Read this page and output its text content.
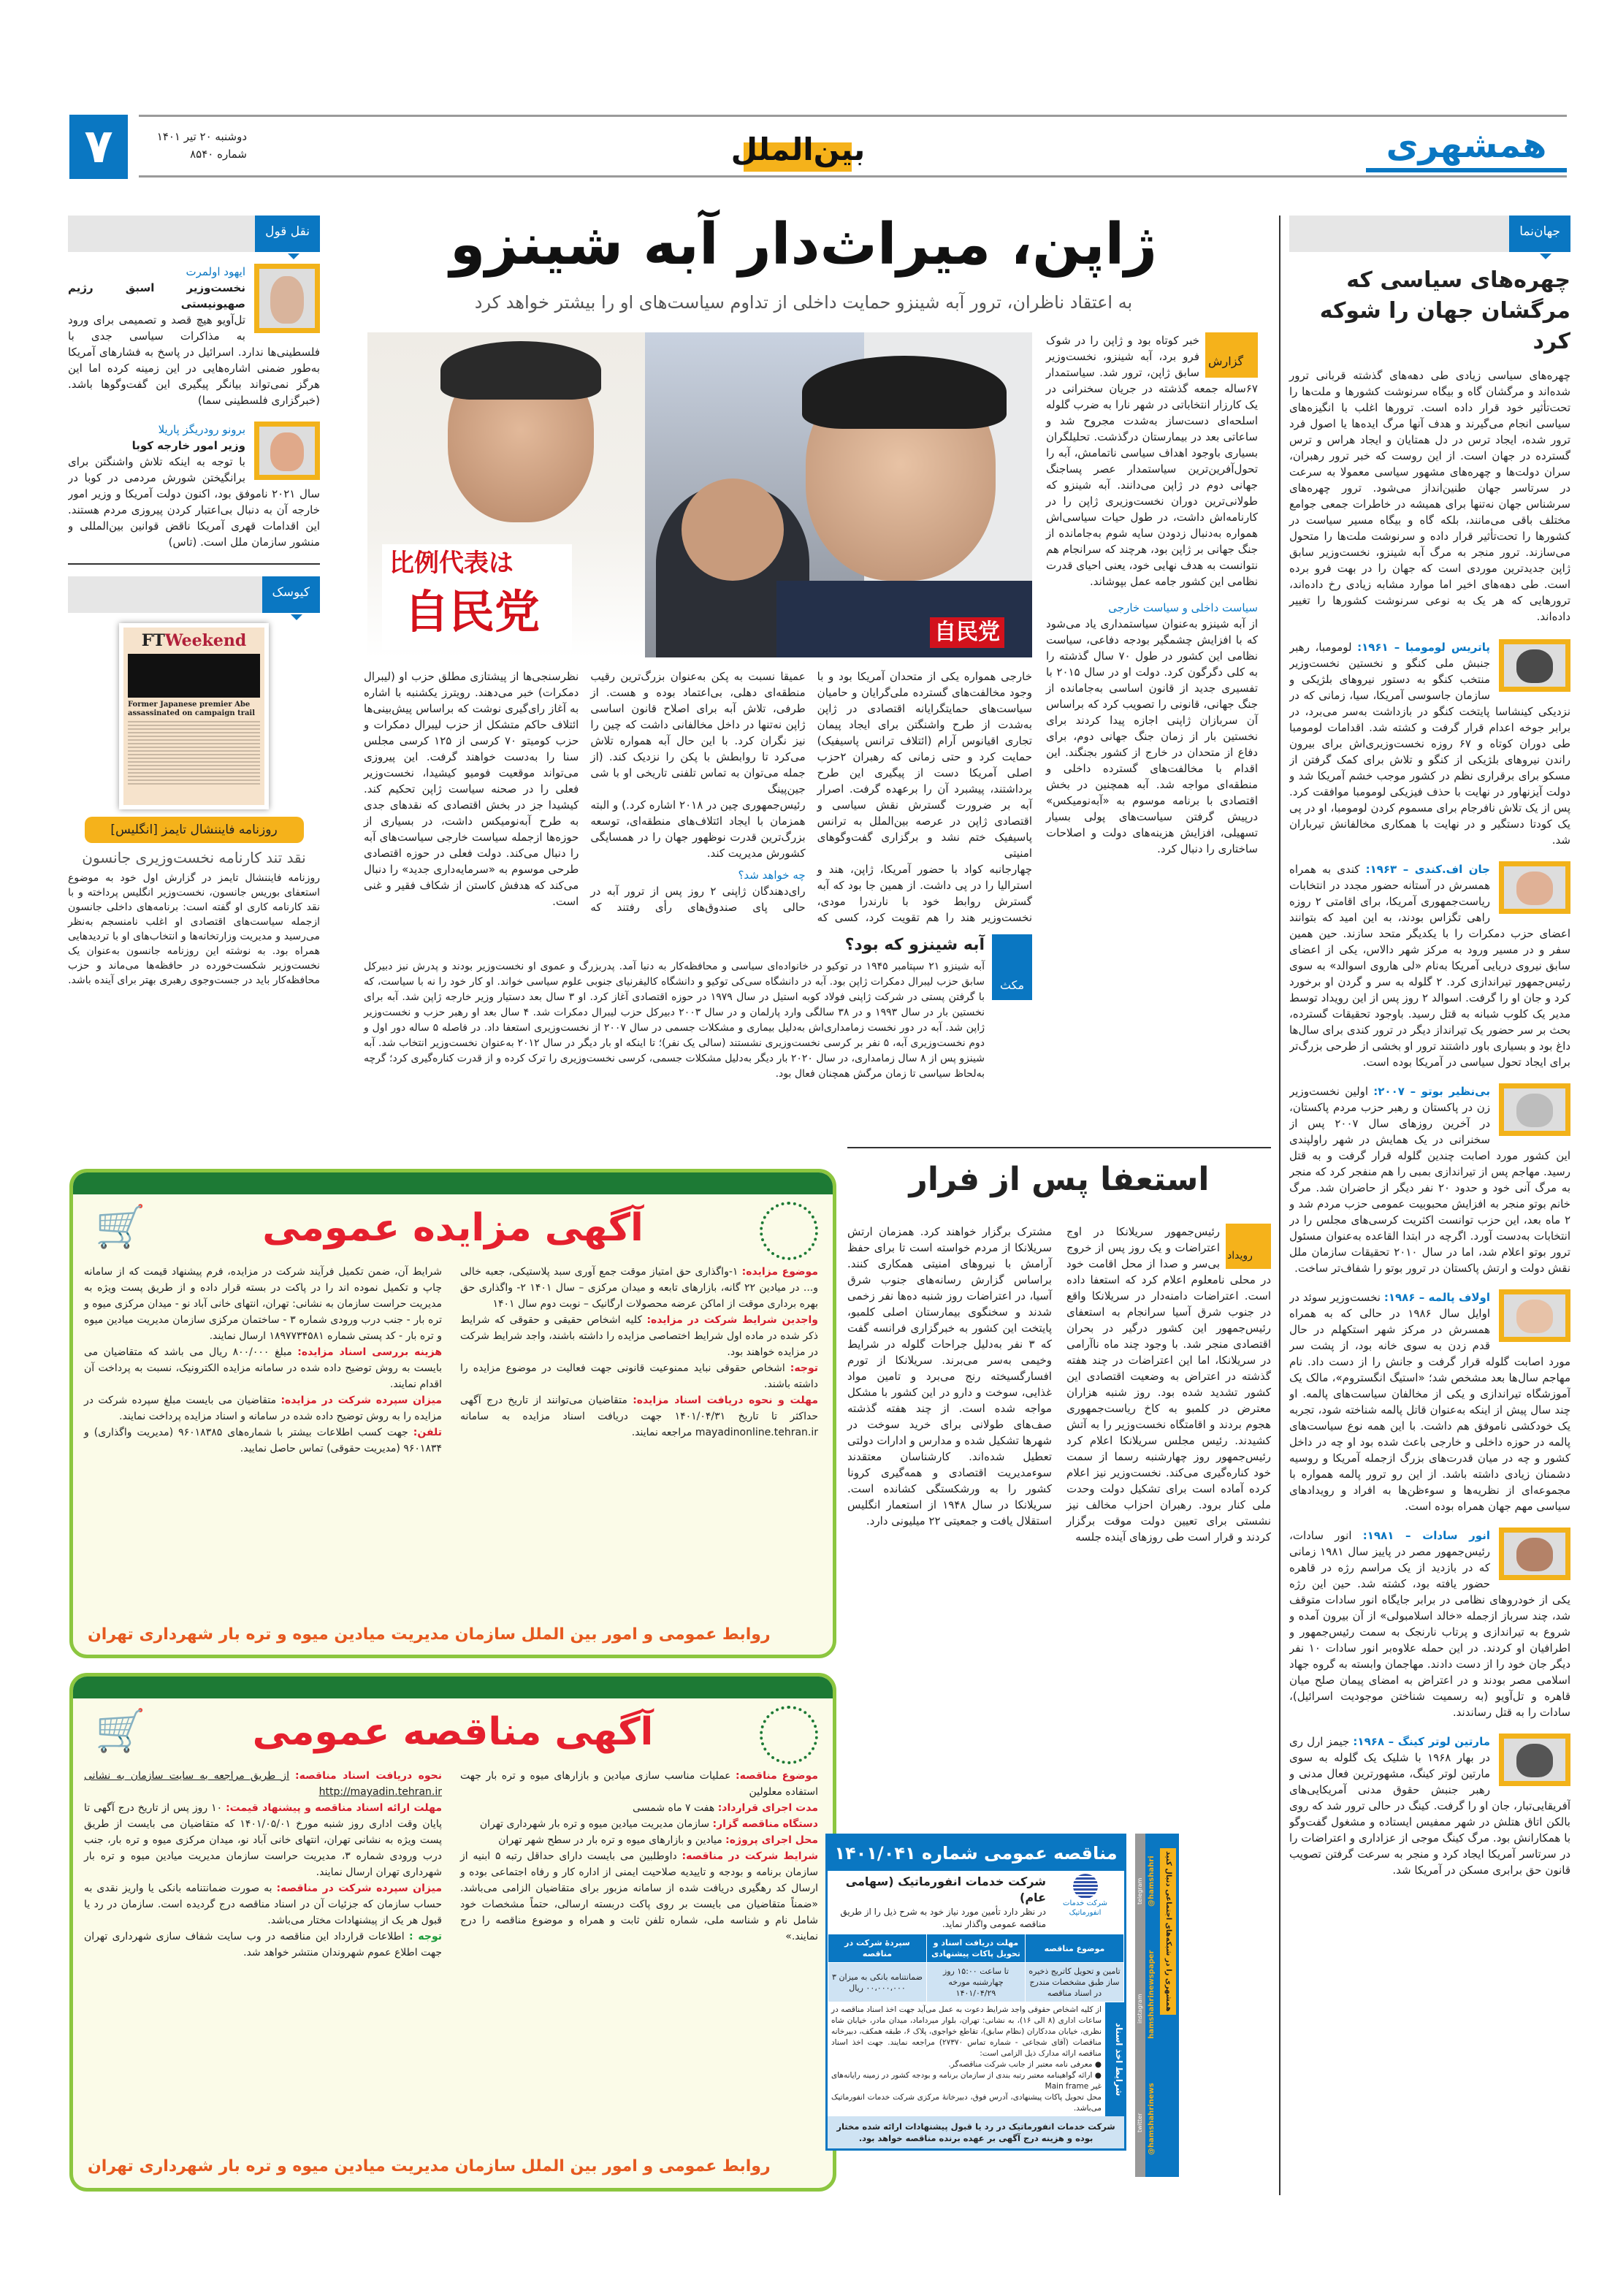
۷	دوشنبه ۲۰ تیر ۱۴۰۱
شماره ۸۵۴۰	بین‌الملل	همشهری
ژاپن، میراث‌دار آبه شینزو
به اعتقاد ناظران، ترور آبه شینزو حمایت داخلی از تداوم سیاست‌های او را بیشتر خواهد کرد
比例代表は
自民党	自民党
گزارش
خبر کوتاه بود و ژاپن را در شوک فرو برد، آبه شینزو، نخست‌وزیر سابق ژاپن، ترور شد. سیاستمدار ۶۷ساله جمعه گذشته در جریان سخنرانی در یک کارزار انتخاباتی در شهر نارا به ضرب گلوله اسلحه‌ای دست‌ساز به‌شدت مجروح شد و ساعاتی بعد در بیمارستان درگذشت. تحلیلگران بسیاری باوجود اهداف سیاسی ناتمامش، آبه را تحول‌آفرین‌ترین سیاستمدار عصر پساجنگ جهانی دوم در ژاپن می‌دانند. آبه شینزو که طولانی‌ترین دوران نخست‌وزیری ژاپن را در کارنامه‌اش داشت، در طول حیات سیاسی‌اش همواره به‌دنبال زدودن سایه شوم به‌جامانده از جنگ جهانی بر ژاپن بود، هرچند که سرانجام هم نتوانست به هدف نهایی خود، یعنی احیای قدرت نظامی این کشور جامه عمل بپوشاند.
سیاست داخلی و سیاست خارجی
از آبه شینزو به‌عنوان سیاستمداری یاد می‌شود که با افزایش چشمگیر بودجه دفاعی، سیاست نظامی این کشور در طول ۷۰ سال گذشته را به کلی دگرگون کرد. دولت او در سال ۲۰۱۵ با تفسیری جدید از قانون اساسی به‌جامانده از جنگ جهانی، قانونی را تصویب کرد که براساس آن سربازان ژاپنی اجازه پیدا کردند برای نخستین بار از زمان جنگ جهانی دوم، برای دفاع از متحدان در خارج از کشور بجنگند. این اقدام با مخالفت‌های گسترده داخلی و منطقه‌ای مواجه شد. آبه همچنین در بخش اقتصادی با برنامه موسوم به «آبه‌نومیکس» درپیش گرفتن سیاست‌های پولی بسیار تسهیلی، افزایش هزینه‌های دولت و اصلاحات ساختاری را دنبال کرد.
خارجی همواره یکی از متحدان آمریکا بود و با وجود مخالفت‌های گسترده ملی‌گرایان و حامیان سیاست‌های حمایتگرایانه اقتصادی در ژاپن به‌شدت از طرح واشنگتن برای ایجاد پیمان تجاری اقیانوس آرام (ائتلاف ترانس پاسیفیک) حمایت کرد و حتی زمانی که رهبران ۲حزب اصلی آمریکا دست از پیگیری این طرح برداشتند، پیشبرد آن را برعهده گرفت. اصرار آبه بر ضرورت گسترش نقش سیاسی و اقتصادی ژاپن در عرصه بین‌الملل به ترانس پاسیفیک ختم نشد و برگزاری گفت‌وگوهای امنیتی
چهارجانبه کواد با حضور آمریکا، ژاپن، هند و استرالیا را در پی داشت. از همین جا بود که آبه گسترش روابط خود با نارندرا مودی، نخست‌وزیر هند را هم تقویت کرد، کسی که عمیقا نسبت به پکن به‌عنوان بزرگ‌ترین رقیب منطقه‌ای دهلی، بی‌اعتماد بوده و هست. از طرفی، تلاش آبه برای اصلاح قانون اساسی ژاپن نه‌تنها در داخل مخالفانی داشت که چین را نیز نگران کرد. با این حال آبه همواره تلاش می‌کرد تا روابطش با پکن را نزدیک کند. (از جمله می‌توان به تماس تلفنی تاریخی او با شی جین‌پینگ
رئیس‌جمهوری چین در ۲۰۱۸ اشاره کرد.) و البته همزمان با ایجاد ائتلاف‌های منطقه‌ای، توسعه بزرگ‌ترین قدرت نوظهور جهان را در همسایگی کشورش مدیریت کند.
چه خواهد شد؟
رای‌دهندگان ژاپنی ۲ روز پس از ترور آبه در حالی پای صندوق‌های رأی رفتند که نظرسنجی‌ها از پیشتازی مطلق حزب او (لیبرال دمکرات) خبر می‌دهند. رویترز یکشنبه با اشاره به آغاز رای‌گیری نوشت که براساس پیش‌بینی‌ها ائتلاف حاکم متشکل از حزب لیبرال دمکرات و حزب کومیتو ۷۰ کرسی از ۱۲۵ کرسی مجلس سنا را به‌دست خواهند گرفت. این پیروزی می‌تواند موقعیت فومیو کیشیدا، نخست‌وزیر فعلی را در صحنه سیاست ژاپن تحکیم کند. کیشیدا جز در بخش اقتصادی که نقدهای جدی به طرح آبه‌نومیکس داشت، در بسیاری از حوزه‌ها ازجمله سیاست خارجی سیاست‌های آبه را دنبال می‌کند. دولت فعلی در حوزه اقتصادی طرحی موسوم به «سرمایه‌داری جدید» را دنبال می‌کند که هدفش کاستن از شکاف فقیر و غنی است.
مکث
آبه شینزو که بود؟
آبه شینزو ۲۱ سپتامبر ۱۹۴۵ در توکیو در خانواده‌ای سیاسی و محافظه‌کار به دنیا آمد. پدربزرگ و عموی او نخست‌وزیر بودند و پدرش نیز دبیرکل سابق حزب لیبرال دمکرات ژاپن بود. آبه در دانشگاه سی‌کی توکیو و دانشگاه کالیفرنیای جنوبی علوم سیاسی خواند. او کار خود را نه با سیاست، که با گرفتن پستی در شرکت ژاپنی فولاد کوبه استیل در سال ۱۹۷۹ در حوزه اقتصادی آغاز کرد. او ۳ سال بعد دستیار وزیر خارجه ژاپن شد. آبه برای نخستین بار در سال ۱۹۹۳ و در ۳۸ سالگی وارد پارلمان و در سال ۲۰۰۳ دبیرکل حزب لیبرال دمکرات شد. ۴ سال بعد او رهبر حزب و نخست‌وزیر ژاپن شد. آبه در دور نخست زمامداری‌اش به‌دلیل بیماری و مشکلات جسمی در سال ۲۰۰۷ از نخست‌وزیری استعفا داد. در فاصله ۵ ساله دور اول و دوم نخست‌وزیری آبه، ۵ نفر بر کرسی نخست‌وزیری نشستند (سالی یک نفر)؛ تا اینکه او بار دیگر در سال ۲۰۱۲ به‌عنوان نخست‌وزیر انتخاب شد. آبه شینزو پس از ۸ سال زمامداری، در سال ۲۰۲۰ بار دیگر به‌دلیل مشکلات جسمی، کرسی نخست‌وزیری را ترک کرده و از قدرت کناره‌گیری کرد؛ گرچه به‌لحاظ سیاسی تا زمان مرگش همچنان فعال بود.
نقل قول
ایهود اولمرت
نخست‌وزیر اسبق رژیم صهیونیستی
تل‌آویو هیچ قصد و تصمیمی برای ورود به مذاکرات سیاسی جدی با فلسطینی‌ها ندارد. اسرائیل در پاسخ به فشارهای آمریکا به‌طور ضمنی اشاره‌هایی در این زمینه کرده اما این هرگز نمی‌تواند بیانگر پیگیری این گفت‌وگوها باشد. (خبرگزاری فلسطینی سما)
برونو رودریگز پاریلا
وزیر امور خارجه کوبا
با توجه به اینکه تلاش واشنگتن برای برانگیختن شورش مردمی در کوبا در سال ۲۰۲۱ ناموفق بود، اکنون دولت آمریکا و وزیر امور خارجه آن به دنبال بی‌اعتبار کردن پیروزی مردم هستند. این اقدامات قهری آمریکا ناقض قوانین بین‌المللی و منشور سازمان ملل است. (تاس)
کیوسک
FTWeekend
Former Japanese premier Abe assassinated on campaign trail
روزنامه فایننشال تایمز [انگلیس]
نقد تند کارنامه نخست‌وزیری جانسون
روزنامه فایننشال تایمز در گزارش اول خود به موضوع استعفای بوریس جانسون، نخست‌وزیر انگلیس پرداخته و با نقد کارنامه کاری او گفته است: برنامه‌های داخلی جانسون ازجمله سیاست‌های اقتصادی او اغلب نامنسجم به‌نظر می‌رسید و مدیریت وزارتخانه‌ها و انتخاب‌های او با تردیدهایی همراه بود. به نوشته این روزنامه جانسون به‌عنوان یک نخست‌وزیر شکست‌خورده در حافظه‌ها می‌ماند و حزب محافظه‌کار باید در جست‌وجوی رهبری بهتر برای آینده باشد.
جهان‌نما
چهره‌های سیاسی که مرگشان جهان را شوکه کرد
چهره‌های سیاسی زیادی طی دهه‌های گذشته قربانی ترور شده‌اند و مرگشان گاه و بیگاه سرنوشت کشورها و ملت‌ها را تحت‌تأثیر خود قرار داده است. ترورها اغلب با انگیزه‌های سیاسی انجام می‌گیرند و هدف آنها مرگ ایده‌ها یا اصول فرد ترور شده، ایجاد ترس در دل همتایان و ایجاد هراس و ترس گسترده در جهان است. از این روست که خبر ترور رهبران، سران دولت‌ها و چهره‌های مشهور سیاسی معمولا به سرعت در سرتاسر جهان طنین‌انداز می‌شود. ترور چهره‌های سرشناس جهان نه‌تنها برای همیشه در خاطرات جمعی جوامع مختلف باقی می‌مانند، بلکه گاه و بیگاه مسیر سیاست در کشورها را تحت‌تأثیر قرار داده و سرنوشت ملت‌ها را متحول می‌سازند. ترور منجر به مرگ آبه شینزو، نخست‌وزیر سابق ژاپن جدیدترین موردی است که جهان را در بهت فرو برده است. طی دهه‌های اخیر اما موارد مشابه زیادی رخ داده‌اند، ترورهایی که هر یک به نوعی سرنوشت کشورها را تغییر داده‌اند.
پاتریس لومومبا – ۱۹۶۱: لومومبا، رهبر جنبش ملی کنگو و نخستین نخست‌وزیر منتخب کنگو به دستور نیروهای بلژیکی و سازمان جاسوسی آمریکا، سیا، زمانی که در نزدیکی کینشاسا پایتخت کنگو در بازداشت به‌سر می‌برد، در برابر جوخه اعدام قرار گرفت و کشته شد. اقدامات لومومبا طی دوران کوتاه و ۶۷ روزه نخست‌وزیری‌اش برای بیرون راندن نیروهای بلژیکی از کنگو و تلاش برای کمک گرفتن از مسکو برای برقراری نظم در کشور موجب خشم آمریکا شد و دولت آیزنهاور در نهایت با حذف فیزیکی لومومبا موافقت کرد. پس از یک تلاش نافرجام برای مسموم کردن لومومبا، او در پی یک کودتا دستگیر و در نهایت با همکاری مخالفانش تیرباران شد.
جان اف.کندی – ۱۹۶۳: کندی به همراه همسرش در آستانه حضور مجدد در انتخابات ریاست‌جمهوری آمریکا، برای اقامتی ۲ روزه راهی تگزاس بودند، به این امید که بتوانند اعضای حزب دمکرات را با یکدیگر متحد سازند. حین همین سفر و در مسیر ورود به مرکز شهر دالاس، یکی از اعضای سابق نیروی دریایی آمریکا به‌نام «لی هاروی اسوالد» به سوی رئیس‌جمهور تیراندازی کرد. ۲ گلوله به سر و گردن او برخورد کرد و جان او را گرفت. اسوالد ۲ روز پس از این رویداد توسط مدیر یک کلوب شبانه به قتل رسید. باوجود تحقیقات گسترده، بحث بر سر حضور یک تیرانداز دیگر در ترور کندی برای سال‌ها داغ بود و بسیاری باور داشتند ترور او بخشی از طرحی بزرگ‌تر برای ایجاد تحول سیاسی در آمریکا بوده است.
بی‌نظیر بوتو – ۲۰۰۷: اولین نخست‌وزیر زن در پاکستان و رهبر حزب مردم پاکستان، در آخرین روزهای سال ۲۰۰۷ پس از سخنرانی در یک همایش در شهر راولپندی این کشور مورد اصابت چندین گلوله قرار گرفت و به قتل رسید. مهاجم پس از تیراندازی بمبی را هم منفجر کرد که منجر به مرگ آنی خود و حدود ۲۰ نفر دیگر از حاضران شد. مرگ خانم بوتو منجر به افزایش محبوبیت عمومی حزب مردم شد و ۲ ماه بعد، این حزب توانست اکثریت کرسی‌های مجلس را در انتخابات به‌دست آورد. اگرچه در ابتدا القاعده به‌عنوان مسئول ترور بوتو اعلام شد، اما در سال ۲۰۱۰ تحقیقات سازمان ملل نقش دولت و ارتش پاکستان در ترور بوتو را شفاف‌تر ساخت.
اولاف پالمه – ۱۹۸۶: نخست‌وزیر سوئد در اوایل سال ۱۹۸۶ در حالی که به همراه همسرش در مرکز شهر استکهلم در حال قدم زدن به سوی خانه بود، از پشت سر مورد اصابت گلوله قرار گرفت و جانش را از دست داد. نام مهاجم سال‌ها بعد مشخص شد؛ «استیگ انگستروم»، مالک یک آموزشگاه تیراندازی و یکی از مخالفان سیاست‌های پالمه. او چند سال پیش از اینکه به‌عنوان قاتل پالمه شناخته شود، تجربه یک خودکشی ناموفق هم داشت. با این همه نوع سیاست‌های پالمه در حوزه داخلی و خارجی باعث شده بود او چه در داخل کشور و چه در میان قدرت‌های بزرگ ازجمله آمریکا و روسیه دشمنان زیادی داشته باشد. از این رو ترور پالمه همواره با مجموعه‌ای از نظریه‌ها و سوءظن‌ها به افراد و رویدادهای سیاسی مهم جهان همراه بوده است.
انور سادات – ۱۹۸۱: انور سادات، رئیس‌جمهور مصر در پاییز سال ۱۹۸۱ زمانی که در بازدید از یک مراسم رژه در قاهره حضور یافته بود، کشته شد. حین این رژه یکی از خودروهای نظامی در برابر جایگاه انور سادات متوقف شد، چند سرباز ازجمله «خالد اسلامبولی» از آن بیرون آمده و شروع به تیراندازی و پرتاب نارنجک به سمت رئیس‌جمهور و اطرافیان او کردند. در این حمله علاوه‌بر انور سادات ۱۰ نفر دیگر جان خود را از دست دادند. مهاجمان وابسته به گروه جهاد اسلامی مصر بودند و در اعتراض به امضای پیمان صلح میان قاهره و تل‌آویو (به رسمیت شناختن موجودیت اسرائیل)، سادات را به قتل رساندند.
مارتین لوتر کینگ – ۱۹۶۸: جیمز ارل ری در بهار ۱۹۶۸ با شلیک یک گلوله به سوی مارتین لوتر کینگ، مشهورترین فعال مدنی و رهبر جنبش حقوق مدنی آمریکایی‌های آفریقایی‌تبار، جان او را گرفت. کینگ در حالی ترور شد که روی بالکن اتاق هتلش در شهر ممفیس ایستاده و مشغول گفت‌وگو با همکارانش بود. مرگ کینگ موجی از عزاداری و اعتراضات را در سرتاسر آمریکا ایجاد کرد و منجر به سرعت گرفتن تصویب قانون حق برابری مسکن در آمریکا شد.
استعفا پس از فرار
رویداد
رئیس‌جمهور سریلانکا در اوج اعتراضات و یک روز پس از خروج بی‌سر و صدا از محل اقامت خود در محلی نامعلوم اعلام کرد که استعفا داده است. اعتراضات دامنه‌دار در سریلانکا واقع در جنوب شرق آسیا سرانجام به استعفای رئیس‌جمهور این کشور درگیر در بحران اقتصادی منجر شد. با وجود چند ماه ناآرامی در سریلانکا، اما این اعتراضات در چند هفته گذشته در اعتراض به وضعیت اقتصادی این کشور تشدید شده بود. روز شنبه هزاران معترض در کلمبو به کاخ ریاست‌جمهوری هجوم بردند و اقامتگاه نخست‌وزیر را به آتش کشیدند. رئیس مجلس سریلانکا اعلام کرد رئیس‌جمهور روز چهارشنبه رسما از سمت خود کناره‌گیری می‌کند. نخست‌وزیر نیز اعلام کرده آماده است برای تشکیل دولت وحدت ملی کنار برود. رهبران احزاب مخالف نیز نشستی برای تعیین دولت موقت برگزار کردند و قرار است طی روزهای آینده جلسه
مشترک برگزار خواهند کرد. همزمان ارتش سریلانکا از مردم خواسته است تا برای حفظ آرامش با نیروهای امنیتی همکاری کنند. براساس گزارش رسانه‌های جنوب شرق آسیا، در اعتراضات روز شنبه ده‌ها نفر زخمی شدند و سخنگوی بیمارستان اصلی کلمبو، پایتخت این کشور به خبرگزاری فرانسه گفت که ۳ نفر به‌دلیل جراحات گلوله در شرایط وخیمی به‌سر می‌برند. سریلانکا از تورم افسارگسیخته رنج می‌برد و تامین مواد غذایی، سوخت و دارو در این کشور با مشکل مواجه شده است. از چند هفته گذشته صف‌های طولانی برای خرید سوخت در شهرها تشکیل شده و مدارس و ادارات دولتی تعطیل شده‌اند. کارشناسان معتقدند سوءمدیریت اقتصادی و همه‌گیری کرونا کشور را به ورشکستگی کشانده است. سریلانکا در سال ۱۹۴۸ از استعمار انگلیس استقلال یافت و جمعیتی ۲۲ میلیونی دارد.
🛒	آگهی مزایده عمومی
موضوع مزایده: ۱-واگذاری حق امتیاز موقت جمع آوری سبد پلاستیکی، جعبه خالی و... در میادین ۲۲ گانه، بازارهای تابعه و میدان مرکزی – سال ۱۴۰۱ ۲- واگذاری حق بهره برداری موقت از اماکن عرضه محصولات ارگانیک – نوبت دوم سال ۱۴۰۱
واجدین شرایط شرکت در مزایده: کلیه اشخاص حقیقی و حقوقی که شرایط ذکر شده در ماده اول شرایط اختصاصی مزایده را داشته باشند، واجد شرایط شرکت در مزایده خواهند بود.
توجه: اشخاص حقوقی نباید ممنوعیت قانونی جهت فعالیت در موضوع مزایده را داشته باشند.
مهلت و نحوه دریافت اسناد مزایده: متقاضیان می‌توانند از تاریخ درج آگهی حداکثر تا تاریخ ۱۴۰۱/۰۴/۳۱ جهت دریافت اسناد مزایده به سامانه mayadinonline.tehran.ir مراجعه نمایند.
شرایط آن، ضمن تکمیل فرآیند شرکت در مزایده، فرم پیشنهاد قیمت که از سامانه چاپ و تکمیل نموده اند را در پاکت در بسته قرار داده و از طریق پست ویژه به مدیریت حراست سازمان به نشانی: تهران، انتهای خانی آباد نو - میدان مرکزی میوه و تره بار - جنب درب ورودی شماره ۳ - ساختمان مرکزی سازمان مدیریت میادین میوه و تره بار - کد پستی شماره ۱۸۹۷۷۳۴۵۸۱ ارسال نمایند.
هزینه بررسی اسناد مزایده: مبلغ ۸۰۰/۰۰۰ ریال می باشد که متقاضیان می بایست به روش توضیح داده شده در سامانه مزایده الکترونیک، نسبت به پرداخت آن اقدام نمایند.
میزان سپرده شرکت در مزایده: متقاضیان می بایست مبلغ سپرده شرکت در مزایده را به روش توضیح داده شده در سامانه و اسناد مزایده پرداخت نمایند.
تلفن: جهت کسب اطلاعات بیشتر با شماره‌های ۹۶۰۱۸۳۸۵ (مدیریت واگذاری) و ۹۶۰۱۸۳۴ (مدیریت حقوقی) تماس حاصل نمایید.
روابط عمومی و امور بین الملل سازمان مدیریت میادین میوه و تره بار شهرداری تهران
🛒	آگهی مناقصه عمومی
موضوع مناقصه: عملیات مناسب سازی میادین و بازارهای میوه و تره بار جهت استفاده معلولین
مدت اجرای قرارداد: هفت ۷ ماه شمسی
دستگاه مناقصه گزار: سازمان مدیریت میادین میوه و تره بار شهرداری تهران
محل اجرای پروژه: میادین و بازارهای میوه و تره بار در سطح شهر تهران
شرایط شرکت در مناقصه: داوطلبین می بایست دارای حداقل رتبه ۵ ابنیه از سازمان برنامه و بودجه و تاییدیه صلاحیت ایمنی از اداره کار و رفاه اجتماعی بوده و ارسال کد رهگیری دریافت شده از سامانه مزبور برای متقاضیان الزامی می‌باشد. «ضمناً متقاضیان می بایست بر روی پاکت دربسته ارسالی، حتماً مشخصات خود شامل نام و شناسه ملی، شماره تلفن ثابت و همراه و موضوع مناقصه را درج نمایند.»
نحوه دریافت اسناد مناقصه: از طریق مراجعه به سایت سازمان به نشانی http://mayadin.tehran.ir
مهلت ارائه اسناد مناقصه و پیشنهاد قیمت: ۱۰ روز پس از تاریخ درج آگهی تا پایان وقت اداری روز شنبه مورخ ۱۴۰۱/۰۵/۰۱ که متقاضیان می بایست از طریق پست ویژه به نشانی تهران، انتهای خانی آباد نو، میدان مرکزی میوه و تره بار، جنب درب ورودی شماره ۳، مدیریت حراست سازمان مدیریت میادین میوه و تره بار شهرداری تهران ارسال نمایند.
میزان سپرده شرکت در مناقصه: به صورت ضمانتنامه بانکی یا واریز نقدی به حساب سازمان که جزئیات آن در اسناد مناقصه درج گردیده است. سازمان در رد یا قبول هر یک از پیشنهادات مختار می‌باشد.
توجه : اطلاعات قرارداد این مناقصه در وب سایت شفاف سازی شهرداری تهران جهت اطلاع عموم شهروندان منتشر خواهد شد.
روابط عمومی و امور بین الملل سازمان مدیریت میادین میوه و تره بار شهرداری تهران
مناقصه عمومی شماره ۱۴۰۱/۰۴۱
شرکت خدمات انفورماتیک
شرکت خدمات انفورماتیک (سهامی عام)
در نظر دارد تأمین مورد نیاز خود به شرح ذیل را از طریق مناقصه عمومی واگذار نماید.
موضوع مناقصه	مهلت دریافت اسناد و تحویل پاکات پیشنهادی	سپردهٔ شرکت در مناقصه
تامین و تحویل کاتریج ذخیره ساز طبق مشخصات مندرج در اسناد مناقصه	تا ساعت ۱۵:۰۰ روز چهارشنبه مورخه ۱۴۰۱/۰۴/۲۹	ضمانتنامه بانکی به میزان ۳۰۰،۰۰۰،۰۰۰ ریال
شرایط اخذ اسناد
از کلیه اشخاص حقوقی واجد شرایط دعوت به عمل می‌آید جهت اخذ اسناد مناقصه در ساعات اداری (۸ الی ۱۶)، به نشانی: تهران، بلوار میرداماد، میدان مادر، خیابان شاه نظری، خیابان مددکاران (نظام سابق)، تقاطع خواجوی، پلاک ۶، طبقه همکف، دبیرخانه مناقصات (آقای شجاعی - شماره تماس ۲۷۳۷۰) مراجعه نمایند. جهت اخذ اسناد مناقصه ارائه مدارک ذیل الزامی است:
● معرفی نامه معتبر از جانب شرکت مناقصه‌گر.
● ارائه گواهینامه معتبر رتبه بندی از سازمان برنامه و بودجه کشور در زمینه رایانه‌های غیر Main frame
محل تحویل پاکات پیشنهادی، آدرس فوق، دبیرخانهٔ مرکزی شرکت خدمات انفورماتیک می‌باشد.
شرکت خدمات انفورماتیک در رد یا قبول پیشنهادات ارائه شده مختار بوده و هزینه درج آگهی بر عهده برنده مناقصه خواهد بود.
twitter
instagram
telegram
@hamshahrinews
hamshahrinewspaper
@hamshahri	همشهری را در شبکه‌های اجتماعی دنبال کنید
